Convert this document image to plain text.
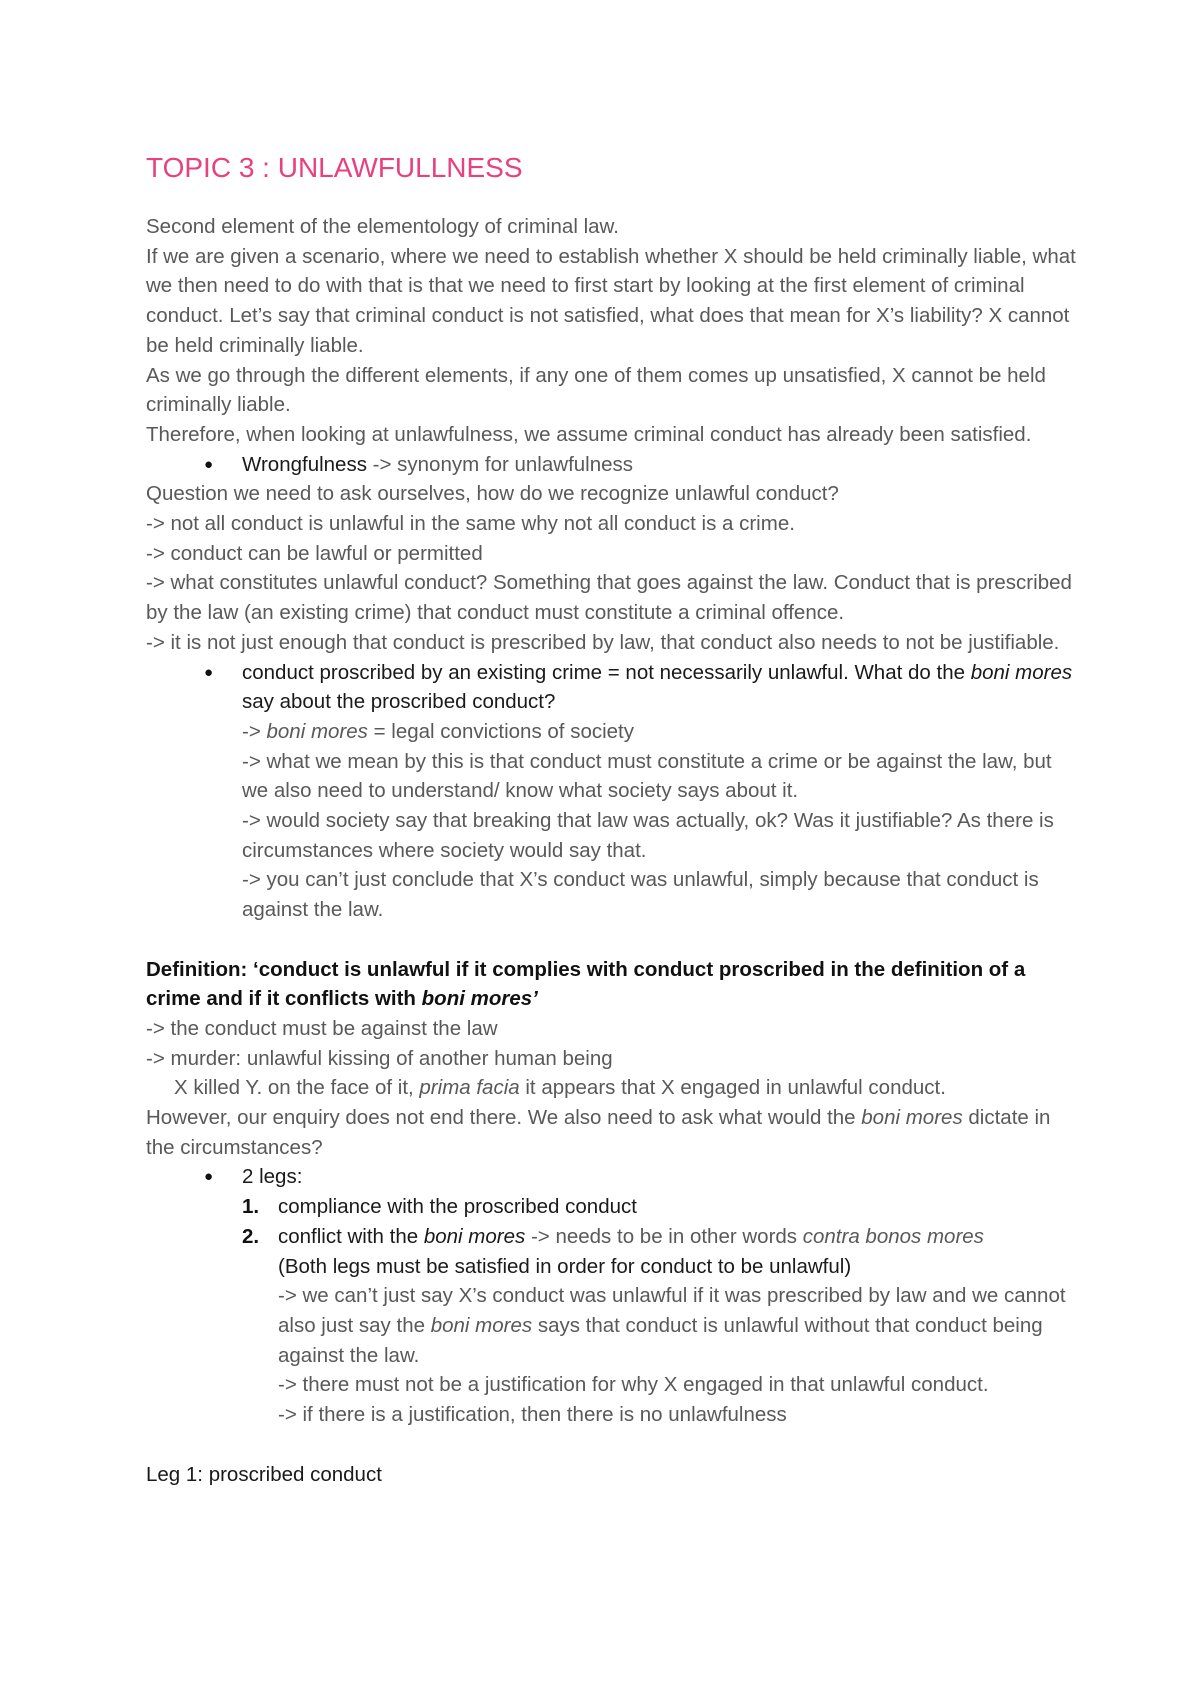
TOPIC 3 : UNLAWFULLNESS

Second element of the elementology of criminal law.

If we are given a scenario, where we need to establish whether X should be held criminally liable, what we then need to do with that is that we need to first start by looking at the first element of criminal conduct. Let’s say that criminal conduct is not satisfied, what does that mean for X’s liability? X cannot be held criminally liable.

As we go through the different elements, if any one of them comes up unsatisfied, X cannot be held criminally liable.

Therefore, when looking at unlawfulness, we assume criminal conduct has already been satisfied.

● Wrongfulness -> synonym for unlawfulness

Question we need to ask ourselves, how do we recognize unlawful conduct?

-> not all conduct is unlawful in the same why not all conduct is a crime.

-> conduct can be lawful or permitted

-> what constitutes unlawful conduct? Something that goes against the law. Conduct that is prescribed by the law (an existing crime) that conduct must constitute a criminal offence.

-> it is not just enough that conduct is prescribed by law, that conduct also needs to not be justifiable.

● conduct proscribed by an existing crime = not necessarily unlawful. What do the boni mores say about the proscribed conduct?
-> boni mores = legal convictions of society
-> what we mean by this is that conduct must constitute a crime or be against the law, but we also need to understand/ know what society says about it.
-> would society say that breaking that law was actually, ok? Was it justifiable? As there is circumstances where society would say that.
-> you can’t just conclude that X’s conduct was unlawful, simply because that conduct is against the law.

Definition: ‘conduct is unlawful if it complies with conduct proscribed in the definition of a crime and if it conflicts with boni mores’

-> the conduct must be against the law

-> murder: unlawful kissing of another human being

X killed Y. on the face of it, prima facia it appears that X engaged in unlawful conduct.

However, our enquiry does not end there. We also need to ask what would the boni mores dictate in the circumstances?

● 2 legs:
1. compliance with the proscribed conduct
2. conflict with the boni mores -> needs to be in other words contra bonos mores
(Both legs must be satisfied in order for conduct to be unlawful)
-> we can’t just say X’s conduct was unlawful if it was prescribed by law and we cannot also just say the boni mores says that conduct is unlawful without that conduct being against the law.
-> there must not be a justification for why X engaged in that unlawful conduct.
-> if there is a justification, then there is no unlawfulness

Leg 1: proscribed conduct
